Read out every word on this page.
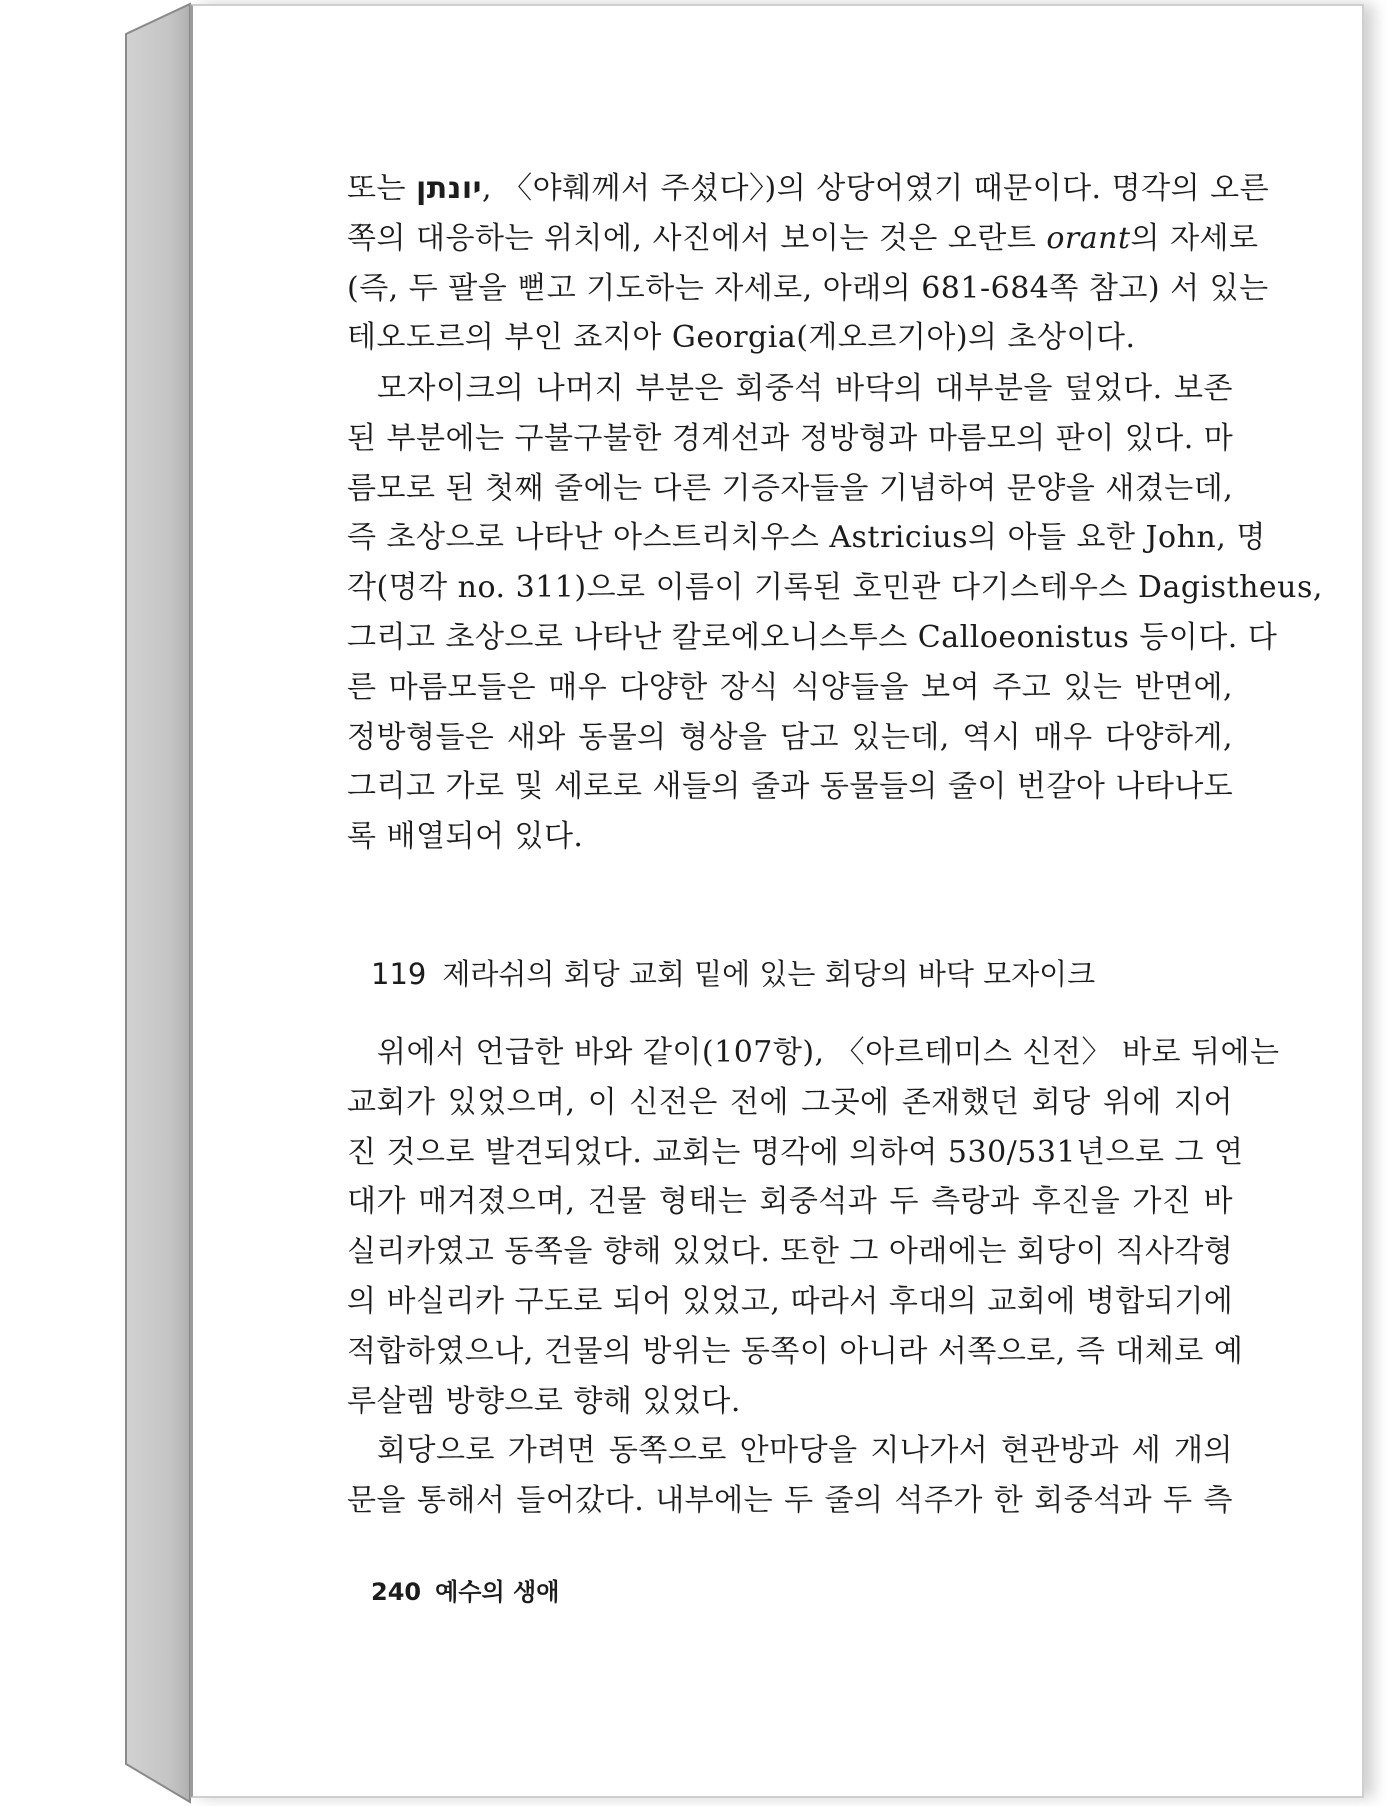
또는 יונתן, 〈야훼께서 주셨다〉)의 상당어였기 때문이다. 명각의 오른
쪽의 대응하는 위치에, 사진에서 보이는 것은 오란트 orant의 자세로
(즉, 두 팔을 뻗고 기도하는 자세로, 아래의 681-684쪽 참고) 서 있는
테오도르의 부인 죠지아 Georgia(게오르기아)의 초상이다.
모자이크의 나머지 부분은 회중석 바닥의 대부분을 덮었다. 보존
된 부분에는 구불구불한 경계선과 정방형과 마름모의 판이 있다. 마
름모로 된 첫째 줄에는 다른 기증자들을 기념하여 문양을 새겼는데,
즉 초상으로 나타난 아스트리치우스 Astricius의 아들 요한 John, 명
각(명각 no. 311)으로 이름이 기록된 호민관 다기스테우스 Dagistheus,
그리고 초상으로 나타난 칼로에오니스투스 Calloeonistus 등이다. 다
른 마름모들은 매우 다양한 장식 식양들을 보여 주고 있는 반면에,
정방형들은 새와 동물의 형상을 담고 있는데, 역시 매우 다양하게,
그리고 가로 및 세로로 새들의 줄과 동물들의 줄이 번갈아 나타나도
록 배열되어 있다.
119 제라쉬의 회당 교회 밑에 있는 회당의 바닥 모자이크
위에서 언급한 바와 같이(107항), 〈아르테미스 신전〉 바로 뒤에는
교회가 있었으며, 이 신전은 전에 그곳에 존재했던 회당 위에 지어
진 것으로 발견되었다. 교회는 명각에 의하여 530/531년으로 그 연
대가 매겨졌으며, 건물 형태는 회중석과 두 측랑과 후진을 가진 바
실리카였고 동쪽을 향해 있었다. 또한 그 아래에는 회당이 직사각형
의 바실리카 구도로 되어 있었고, 따라서 후대의 교회에 병합되기에
적합하였으나, 건물의 방위는 동쪽이 아니라 서쪽으로, 즉 대체로 예
루살렘 방향으로 향해 있었다.
회당으로 가려면 동쪽으로 안마당을 지나가서 현관방과 세 개의
문을 통해서 들어갔다. 내부에는 두 줄의 석주가 한 회중석과 두 측
240 예수의 생애
